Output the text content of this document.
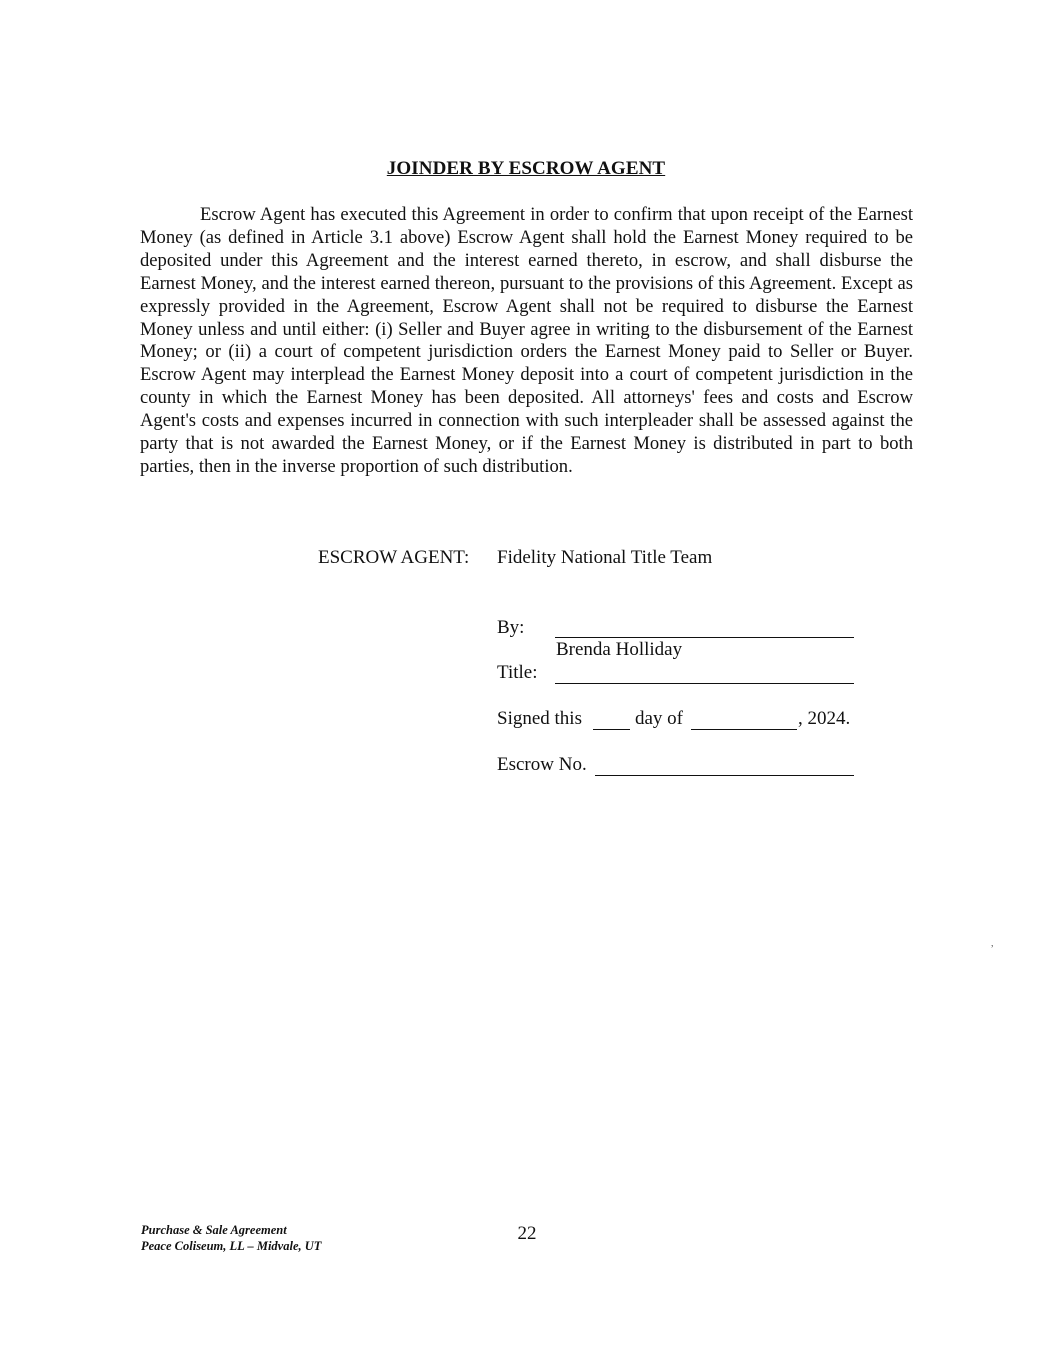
JOINDER BY ESCROW AGENT

Escrow Agent has executed this Agreement in order to confirm that upon receipt of the Earnest Money (as defined in Article 3.1 above) Escrow Agent shall hold the Earnest Money required to be deposited under this Agreement and the interest earned thereto, in escrow, and shall disburse the Earnest Money, and the interest earned thereon, pursuant to the provisions of this Agreement. Except as expressly provided in the Agreement, Escrow Agent shall not be required to disburse the Earnest Money unless and until either: (i) Seller and Buyer agree in writing to the disbursement of the Earnest Money; or (ii) a court of competent jurisdiction orders the Earnest Money paid to Seller or Buyer. Escrow Agent may interplead the Earnest Money deposit into a court of competent jurisdiction in the county in which the Earnest Money has been deposited. All attorneys' fees and costs and Escrow Agent's costs and expenses incurred in connection with such interpleader shall be assessed against the party that is not awarded the Earnest Money, or if the Earnest Money is distributed in part to both parties, then in the inverse proportion of such distribution.

ESCROW AGENT: Fidelity National Title Team
By:
Brenda Holliday
Title:
Signed this	day of	, 2024.
Escrow No.
,
Purchase & Sale Agreement
Peace Coliseum, LL – Midvale, UT
22
